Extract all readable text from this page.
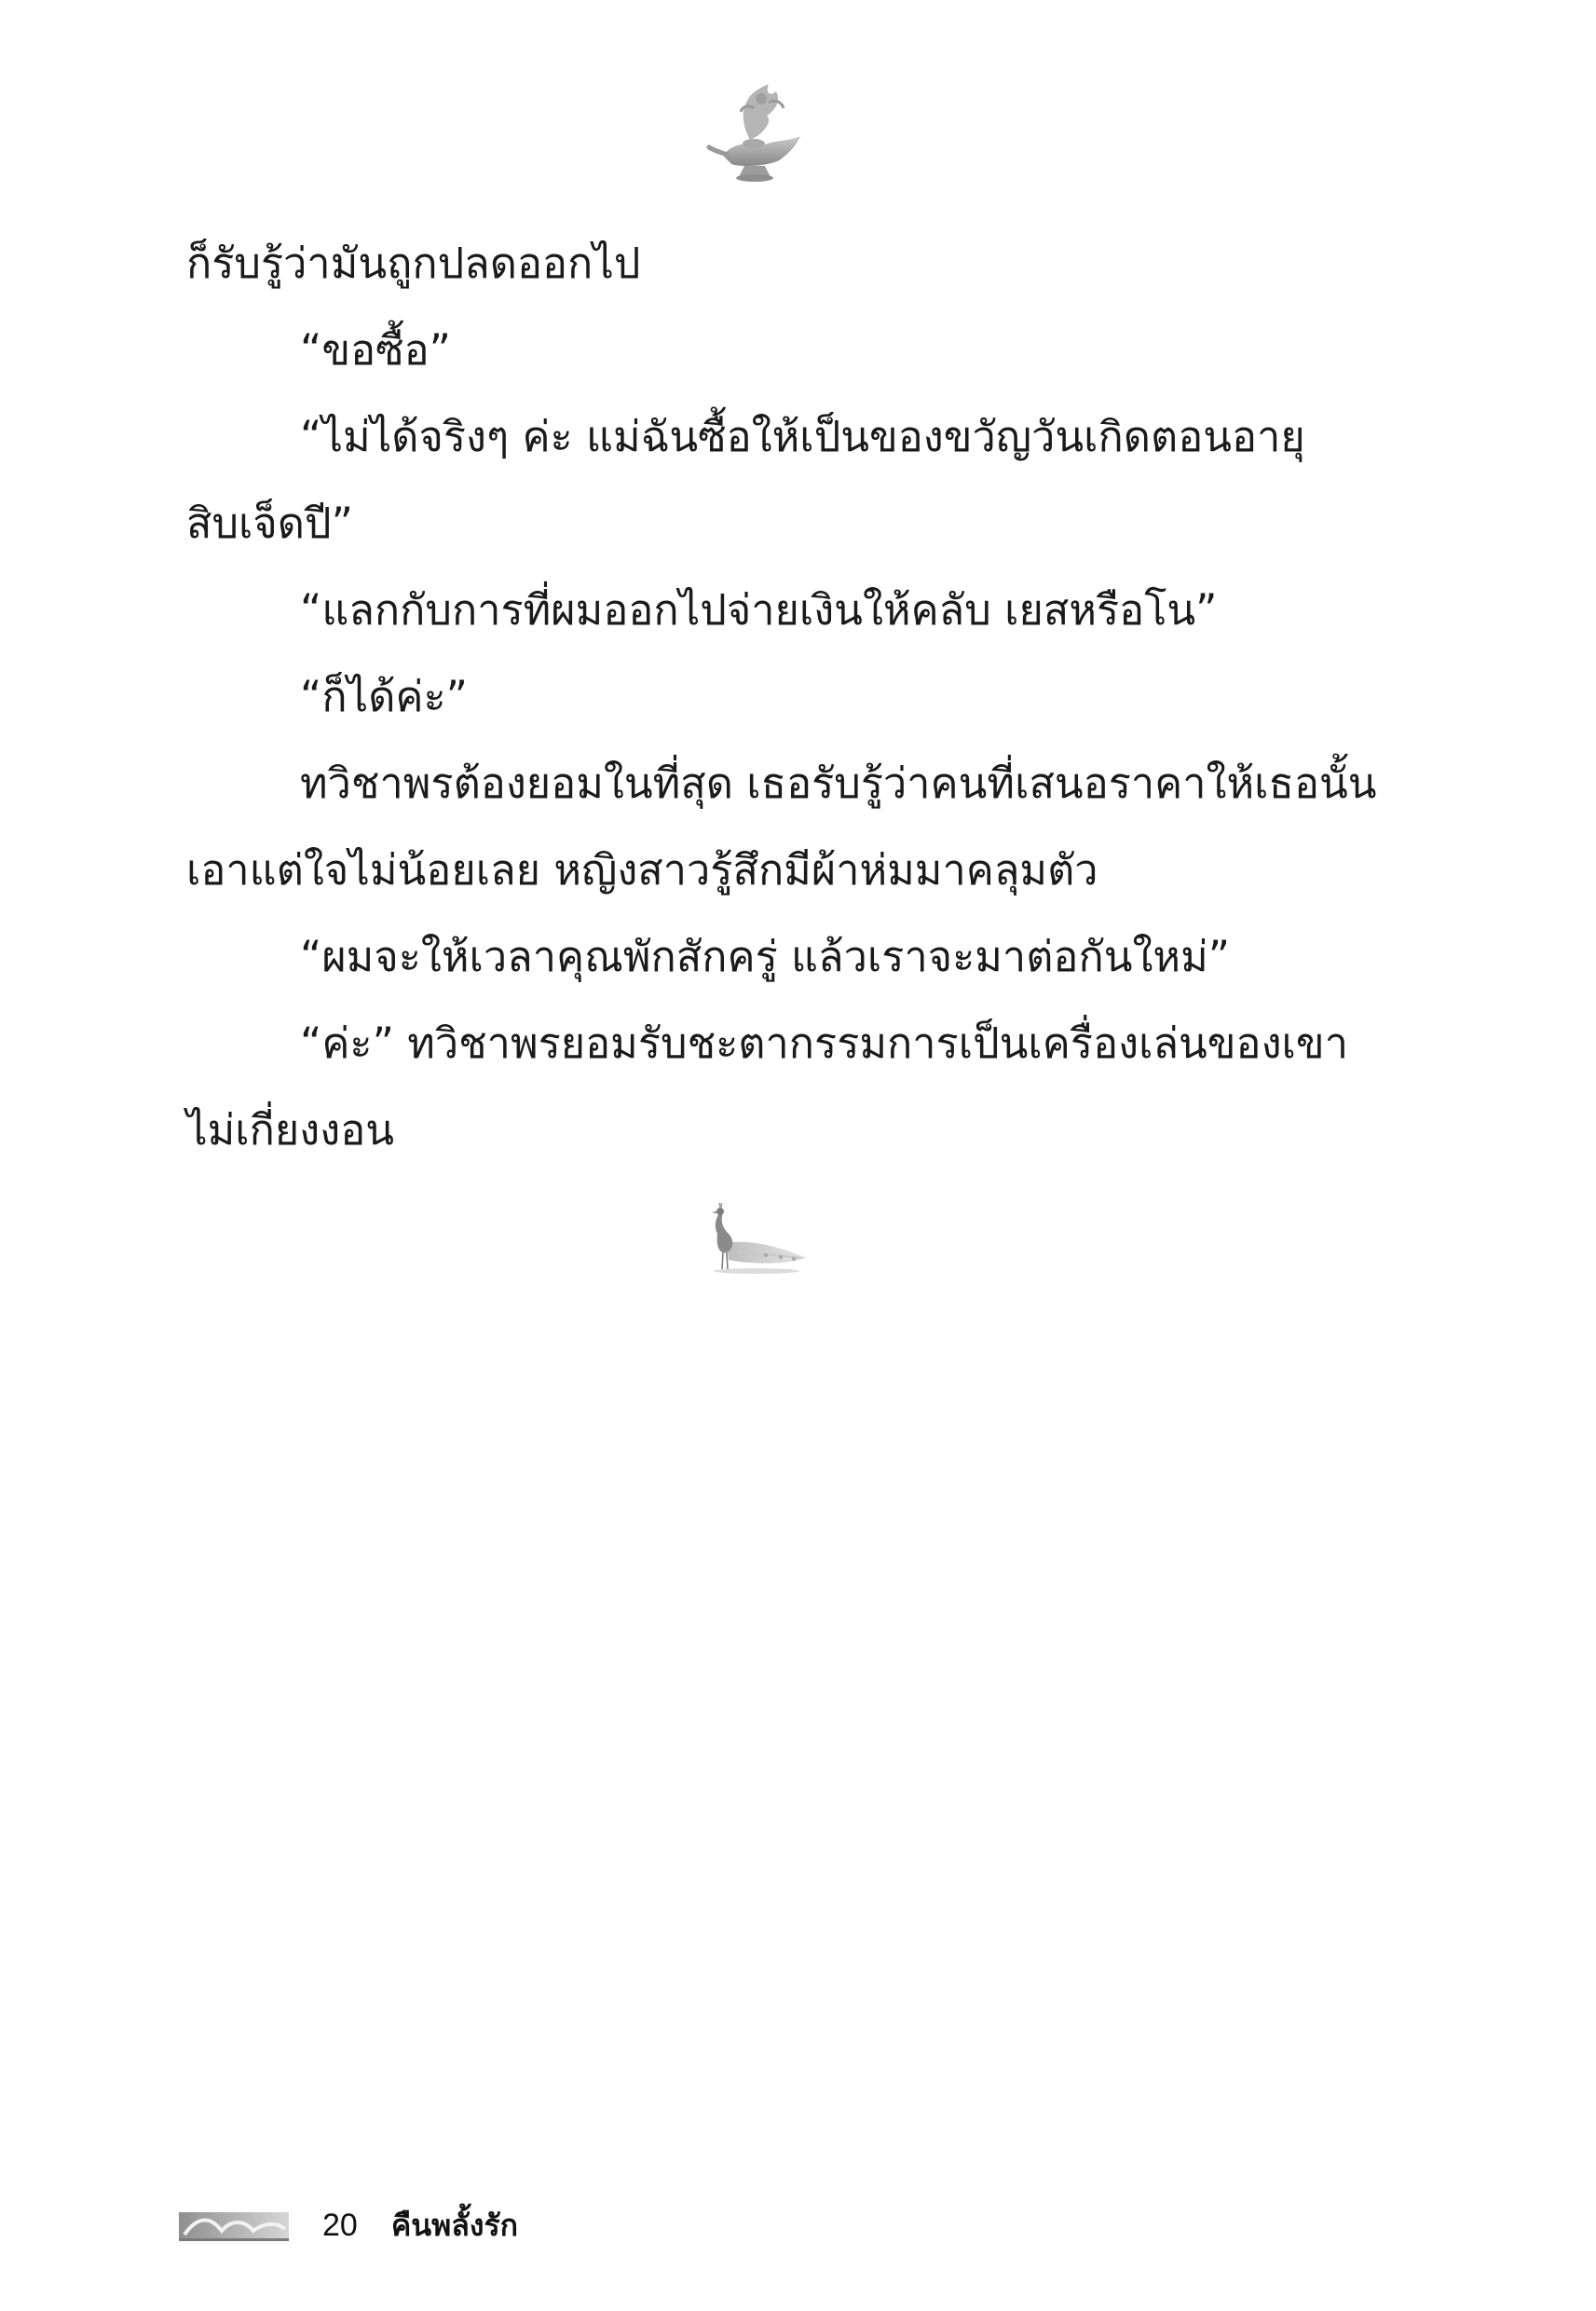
ก็รับรู้ว่ามันถูกปลดออกไป
“ขอซื้อ”
“ไม่ได้จริงๆ ค่ะ แม่ฉันซื้อให้เป็นของขวัญวันเกิดตอนอายุ
สิบเจ็ดปี”
“แลกกับการที่ผมออกไปจ่ายเงินให้คลับ เยสหรือโน”
“ก็ได้ค่ะ”
ทวิชาพรต้องยอมในที่สุด เธอรับรู้ว่าคนที่เสนอราคาให้เธอนั้น
เอาแต่ใจไม่น้อยเลย หญิงสาวรู้สึกมีผ้าห่มมาคลุมตัว
“ผมจะให้เวลาคุณพักสักครู่ แล้วเราจะมาต่อกันใหม่”
“ค่ะ” ทวิชาพรยอมรับชะตากรรมการเป็นเครื่องเล่นของเขา
ไม่เกี่ยงงอน
20 คืนพลั้งรัก
